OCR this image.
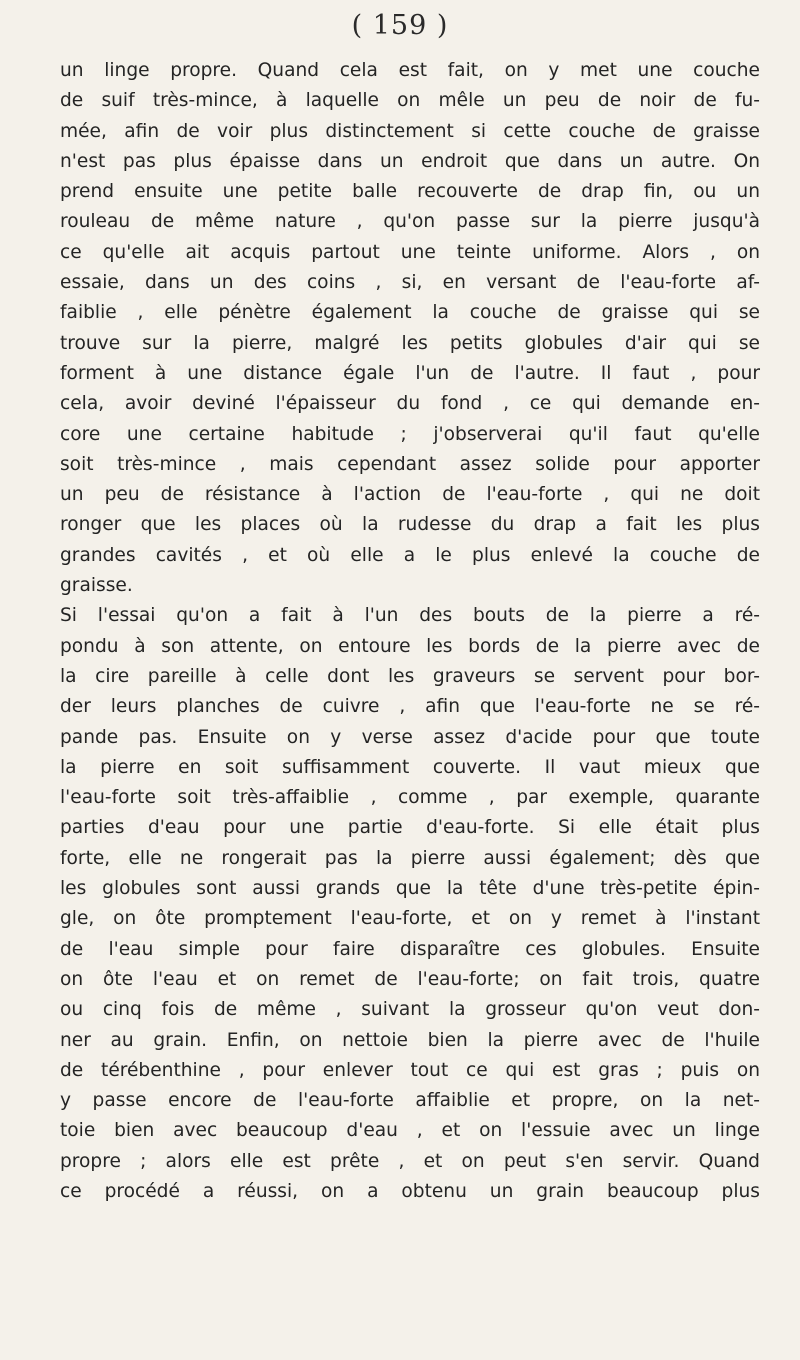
( 159 )
un linge propre. Quand cela est fait, on y met une couche
de suif très-mince, à laquelle on mêle un peu de noir de fu-
mée, afin de voir plus distinctement si cette couche de graisse
n'est pas plus épaisse dans un endroit que dans un autre. On
prend ensuite une petite balle recouverte de drap fin, ou un
rouleau de même nature , qu'on passe sur la pierre jusqu'à
ce qu'elle ait acquis partout une teinte uniforme. Alors , on
essaie, dans un des coins , si, en versant de l'eau-forte af-
faiblie , elle pénètre également la couche de graisse qui se
trouve sur la pierre, malgré les petits globules d'air qui se
forment à une distance égale l'un de l'autre. Il faut , pour
cela, avoir deviné l'épaisseur du fond , ce qui demande en-
core une certaine habitude ; j'observerai qu'il faut qu'elle
soit très-mince , mais cependant assez solide pour apporter
un peu de résistance à l'action de l'eau-forte , qui ne doit
ronger que les places où la rudesse du drap a fait les plus
grandes cavités , et où elle a le plus enlevé la couche de
graisse.
Si l'essai qu'on a fait à l'un des bouts de la pierre a ré-
pondu à son attente, on entoure les bords de la pierre avec de
la cire pareille à celle dont les graveurs se servent pour bor-
der leurs planches de cuivre , afin que l'eau-forte ne se ré-
pande pas. Ensuite on y verse assez d'acide pour que toute
la pierre en soit suffisamment couverte. Il vaut mieux que
l'eau-forte soit très-affaiblie , comme , par exemple, quarante
parties d'eau pour une partie d'eau-forte. Si elle était plus
forte, elle ne rongerait pas la pierre aussi également; dès que
les globules sont aussi grands que la tête d'une très-petite épin-
gle, on ôte promptement l'eau-forte, et on y remet à l'instant
de l'eau simple pour faire disparaître ces globules. Ensuite
on ôte l'eau et on remet de l'eau-forte; on fait trois, quatre
ou cinq fois de même , suivant la grosseur qu'on veut don-
ner au grain. Enfin, on nettoie bien la pierre avec de l'huile
de térébenthine , pour enlever tout ce qui est gras ; puis on
y passe encore de l'eau-forte affaiblie et propre, on la net-
toie bien avec beaucoup d'eau , et on l'essuie avec un linge
propre ; alors elle est prête , et on peut s'en servir. Quand
ce procédé a réussi, on a obtenu un grain beaucoup plus
